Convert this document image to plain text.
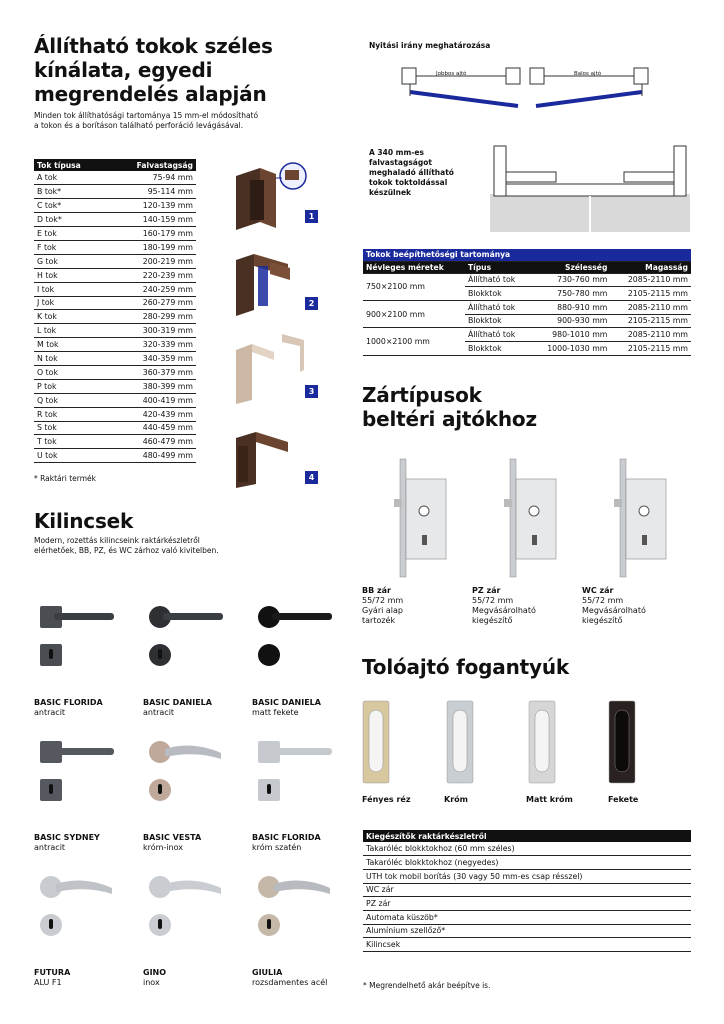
Állítható tokok széles
kínálata, egyedi
megrendelés alapján
Minden tok állíthatósági tartománya 15 mm-el módosítható
a tokon és a borításon található perforáció levágásával.
Tok típusa	Falvastagság
A tok	75-94 mm
B tok*	95-114 mm
C tok*	120-139 mm
D tok*	140-159 mm
E tok	160-179 mm
F tok	180-199 mm
G tok	200-219 mm
H tok	220-239 mm
I tok	240-259 mm
J tok	260-279 mm
K tok	280-299 mm
L tok	300-319 mm
M tok	320-339 mm
N tok	340-359 mm
O tok	360-379 mm
P tok	380-399 mm
Q tok	400-419 mm
R tok	420-439 mm
S tok	440-459 mm
T tok	460-479 mm
U tok	480-499 mm
* Raktári termék
1
2
3
4
Kilincsek
Modern, rozettás kilincseink raktárkészletről
elérhetőek, BB, PZ, és WC zárhoz való kivitelben.
BASIC FLORIDA
antracit
BASIC DANIELA
antracit
BASIC DANIELA
matt fekete
BASIC SYDNEY
antracit
BASIC VESTA
króm-inox
BASIC FLORIDA
króm szatén
FUTURA
ALU F1
GINO
inox
GIULIA
rozsdamentes acél
Nyitási irány meghatározása
Jobbos ajtó	Balos ajtó
A 340 mm-es
falvastagságot
meghaladó állítható
tokok toktoldással
készülnek
Tokok beépíthetőségi tartománya			
Névleges méretek	Típus	Szélesség	Magasság
750×2100 mm	Állítható tok	730-760 mm	2085-2110 mm
	Blokktok	750-780 mm	2105-2115 mm
900×2100 mm	Állítható tok	880-910 mm	2085-2110 mm
	Blokktok	900-930 mm	2105-2115 mm
1000×2100 mm	Állítható tok	980-1010 mm	2085-2110 mm
	Blokktok	1000-1030 mm	2105-2115 mm
Zártípusok
beltéri ajtókhoz
BB zár
55/72 mm
Gyári alap
tartozék
PZ zár
55/72 mm
Megvásárolható
kiegészítő
WC zár
55/72 mm
Megvásárolható
kiegészítő
Tolóajtó fogantyúk
Fényes réz	Króm	Matt króm	Fekete
Kiegészítők raktárkészletről
Takaróléc blokktokhoz (60 mm széles)
Takaróléc blokktokhoz (negyedes)
UTH tok mobil borítás (30 vagy 50 mm-es csap résszel)
WC zár
PZ zár
Automata küszöb*
Alumínium szellőző*
Kilincsek
* Megrendelhető akár beépítve is.
